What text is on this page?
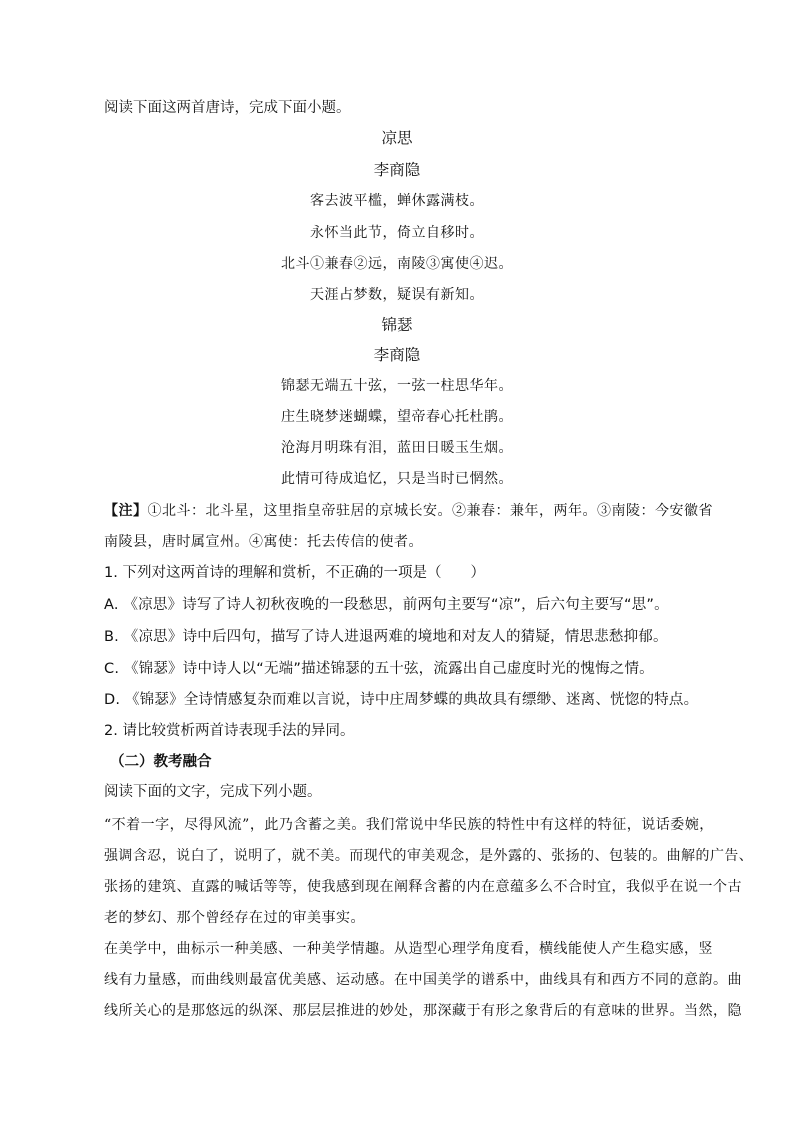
阅读下面这两首唐诗，完成下面小题。
凉思
李商隐
客去波平槛，蝉休露满枝。
永怀当此节，倚立自移时。
北斗①兼春②远，南陵③寓使④迟。
天涯占梦数，疑误有新知。
锦瑟
李商隐
锦瑟无端五十弦，一弦一柱思华年。
庄生晓梦迷蝴蝶，望帝春心托杜鹃。
沧海月明珠有泪，蓝田日暖玉生烟。
此情可待成追忆，只是当时已惘然。
【注】①北斗：北斗星，这里指皇帝驻居的京城长安。②兼春：兼年，两年。③南陵：今安徽省
南陵县，唐时属宣州。④寓使：托去传信的使者。
1. 下列对这两首诗的理解和赏析，不正确的一项是（　　）
A. 《凉思》诗写了诗人初秋夜晚的一段愁思，前两句主要写“凉”，后六句主要写“思”。
B. 《凉思》诗中后四句，描写了诗人进退两难的境地和对友人的猜疑，情思悲愁抑郁。
C. 《锦瑟》诗中诗人以“无端”描述锦瑟的五十弦，流露出自己虚度时光的愧悔之情。
D. 《锦瑟》全诗情感复杂而难以言说，诗中庄周梦蝶的典故具有缥缈、迷离、恍惚的特点。
2. 请比较赏析两首诗表现手法的异同。
（二）教考融合
阅读下面的文字，完成下列小题。
“不着一字，尽得风流”，此乃含蓄之美。我们常说中华民族的特性中有这样的特征，说话委婉，
强调含忍，说白了，说明了，就不美。而现代的审美观念，是外露的、张扬的、包装的。曲解的广告、
张扬的建筑、直露的喊话等等，使我感到现在阐释含蓄的内在意蕴多么不合时宜，我似乎在说一个古
老的梦幻、那个曾经存在过的审美事实。
在美学中，曲标示一种美感、一种美学情趣。从造型心理学角度看，横线能使人产生稳实感，竖
线有力量感，而曲线则最富优美感、运动感。在中国美学的谱系中，曲线具有和西方不同的意韵。曲
线所关心的是那悠远的纵深、那层层推进的妙处，那深藏于有形之象背后的有意味的世界。当然，隐
